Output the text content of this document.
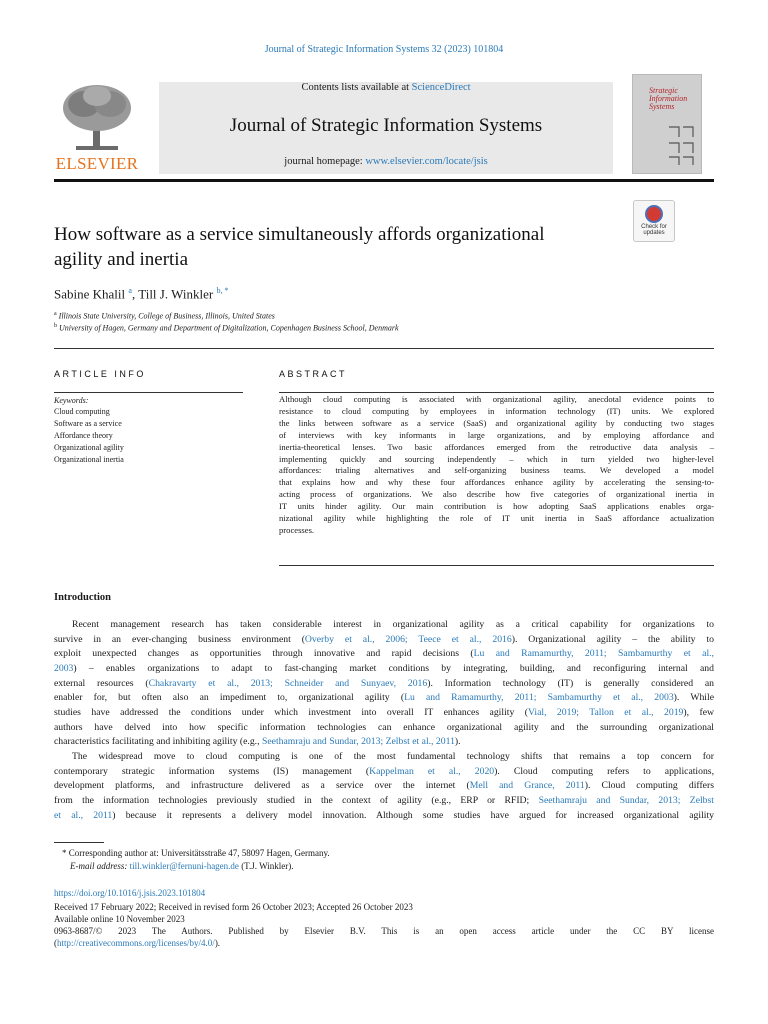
Journal of Strategic Information Systems 32 (2023) 101804
ELSEVIER
Contents lists available at ScienceDirect
Journal of Strategic Information Systems
journal homepage: www.elsevier.com/locate/jsis
Strategic
Information
Systems
Check for
updates
How software as a service simultaneously affords organizational
agility and inertia
Sabine Khalil $^a$, Till J. Winkler $^{b, *}$
$^a$ Illinois State University, College of Business, Illinois, United States
$^b$ University of Hagen, Germany and Department of Digitalization, Copenhagen Business School, Denmark
ARTICLE INFO
Keywords:
Cloud computing
Software as a service
Affordance theory
Organizational agility
Organizational inertia
ABSTRACT
Although cloud computing is associated with organizational agility, anecdotal evidence points to
resistance to cloud computing by employees in information technology (IT) units. We explored
the links between software as a service (SaaS) and organizational agility by conducting two stages
of interviews with key informants in large organizations, and by employing affordance and
inertia-theoretical lenses. Two basic affordances emerged from the retroductive data analysis –
implementing quickly and sourcing independently – which in turn yielded two higher-level
affordances: trialing alternatives and self-organizing business teams. We developed a model
that explains how and why these four affordances enhance agility by accelerating the sensing-to-
acting process of organizations. We also describe how five categories of organizational inertia in
IT units hinder agility. Our main contribution is how adopting SaaS applications enables orga-
nizational agility while highlighting the role of IT unit inertia in SaaS affordance actualization
processes.
Introduction
Recent management research has taken considerable interest in organizational agility as a critical capability for organizations to
survive in an ever-changing business environment (Overby et al., 2006; Teece et al., 2016). Organizational agility – the ability to
exploit unexpected changes as opportunities through innovative and rapid decisions (Lu and Ramamurthy, 2011; Sambamurthy et al.,
2003) – enables organizations to adapt to fast-changing market conditions by integrating, building, and reconfiguring internal and
external resources (Chakravarty et al., 2013; Schneider and Sunyaev, 2016). Information technology (IT) is generally considered an
enabler for, but often also an impediment to, organizational agility (Lu and Ramamurthy, 2011; Sambamurthy et al., 2003). While
studies have addressed the conditions under which investment into overall IT enhances agility (Vial, 2019; Tallon et al., 2019), few
authors have delved into how specific information technologies can enhance organizational agility and the surrounding organizational
characteristics facilitating and inhibiting agility (e.g., Seethamraju and Sundar, 2013; Zelbst et al., 2011).
The widespread move to cloud computing is one of the most fundamental technology shifts that remains a top concern for
contemporary strategic information systems (IS) management (Kappelman et al., 2020). Cloud computing refers to applications,
development platforms, and infrastructure delivered as a service over the internet (Mell and Grance, 2011). Cloud computing differs
from the information technologies previously studied in the context of agility (e.g., ERP or RFID; Seethamraju and Sundar, 2013; Zelbst
et al., 2011) because it represents a delivery model innovation. Although some studies have argued for increased organizational agility
* Corresponding author at: Universitätsstraße 47, 58097 Hagen, Germany.
E-mail address: till.winkler@fernuni-hagen.de (T.J. Winkler).
https://doi.org/10.1016/j.jsis.2023.101804
Received 17 February 2022; Received in revised form 26 October 2023; Accepted 26 October 2023
Available online 10 November 2023
0963-8687/© 2023 The Authors. Published by Elsevier B.V. This is an open access article under the CC BY license
(http://creativecommons.org/licenses/by/4.0/).
